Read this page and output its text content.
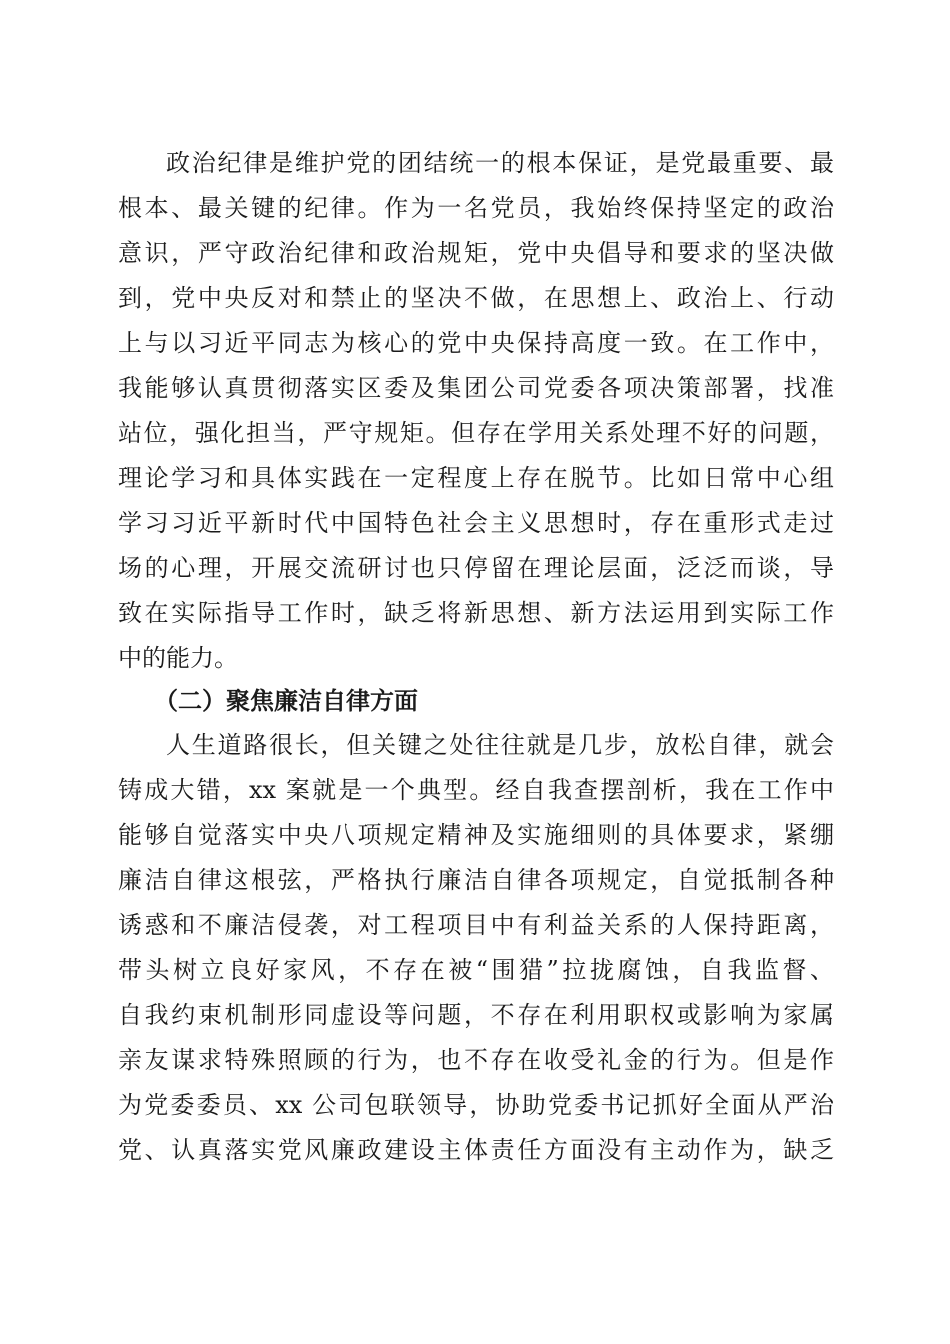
政治纪律是维护党的团结统一的根本保证，是党最重要、最
根本、最关键的纪律。作为一名党员，我始终保持坚定的政治
意识，严守政治纪律和政治规矩，党中央倡导和要求的坚决做
到，党中央反对和禁止的坚决不做，在思想上、政治上、行动
上与以习近平同志为核心的党中央保持高度一致。在工作中，
我能够认真贯彻落实区委及集团公司党委各项决策部署，找准
站位，强化担当，严守规矩。但存在学用关系处理不好的问题，
理论学习和具体实践在一定程度上存在脱节。比如日常中心组
学习习近平新时代中国特色社会主义思想时，存在重形式走过
场的心理，开展交流研讨也只停留在理论层面，泛泛而谈，导
致在实际指导工作时，缺乏将新思想、新方法运用到实际工作
中的能力。
（二）聚焦廉洁自律方面
人生道路很长，但关键之处往往就是几步，放松自律，就会
铸成大错，xx 案就是一个典型。经自我查摆剖析，我在工作中
能够自觉落实中央八项规定精神及实施细则的具体要求，紧绷
廉洁自律这根弦，严格执行廉洁自律各项规定，自觉抵制各种
诱惑和不廉洁侵袭，对工程项目中有利益关系的人保持距离，
带头树立良好家风，不存在被“围猎”拉拢腐蚀，自我监督、
自我约束机制形同虚设等问题，不存在利用职权或影响为家属
亲友谋求特殊照顾的行为，也不存在收受礼金的行为。但是作
为党委委员、xx 公司包联领导，协助党委书记抓好全面从严治
党、认真落实党风廉政建设主体责任方面没有主动作为，缺乏
